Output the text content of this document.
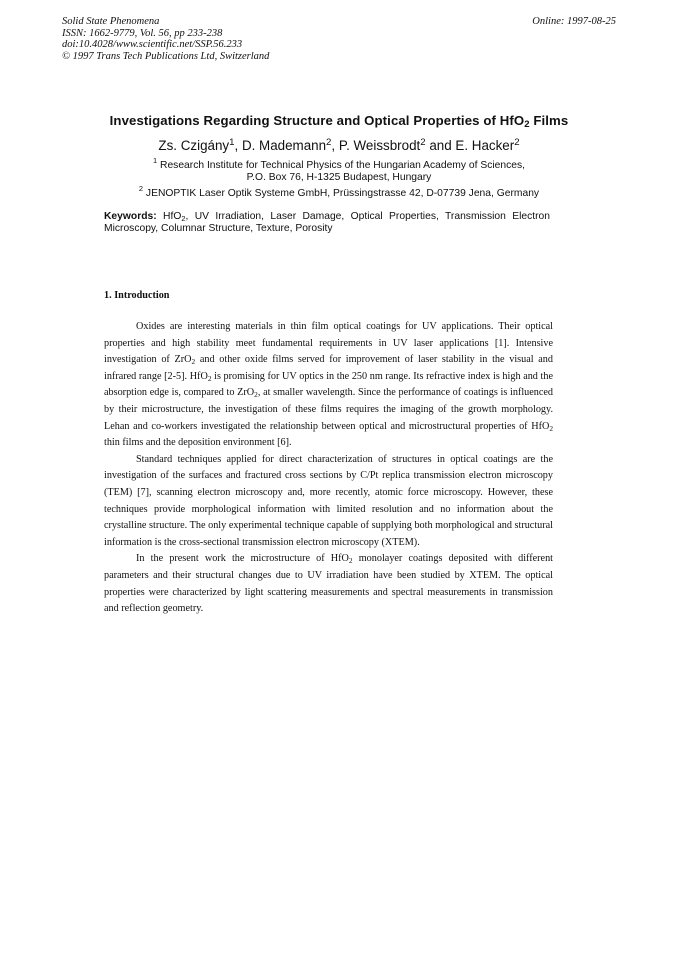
Solid State Phenomena
ISSN: 1662-9779, Vol. 56, pp 233-238
doi:10.4028/www.scientific.net/SSP.56.233
© 1997 Trans Tech Publications Ltd, Switzerland
Online: 1997-08-25
Investigations Regarding Structure and Optical Properties of HfO$_2$ Films
Zs. Czigány$^1$, D. Mademann$^2$, P. Weissbrodt$^2$ and E. Hacker$^2$
$^1$ Research Institute for Technical Physics of the Hungarian Academy of Sciences,
P.O. Box 76, H-1325 Budapest, Hungary
$^2$ JENOPTIK Laser Optik Systeme GmbH, Prüssingstrasse 42, D-07739 Jena, Germany
Keywords: HfO$_2$, UV Irradiation, Laser Damage, Optical Properties, Transmission Electron Microscopy, Columnar Structure, Texture, Porosity
1. Introduction

Oxides are interesting materials in thin film optical coatings for UV applications. Their optical properties and high stability meet fundamental requirements in UV laser applications [1]. Intensive investigation of ZrO$_2$ and other oxide films served for improvement of laser stability in the visual and infrared range [2-5]. HfO$_2$ is promising for UV optics in the 250 nm range. Its refractive index is high and the absorption edge is, compared to ZrO$_2$, at smaller wavelength. Since the performance of coatings is influenced by their microstructure, the investigation of these films requires the imaging of the growth morphology. Lehan and co-workers investigated the relationship between optical and microstructural properties of HfO$_2$ thin films and the deposition environment [6].

Standard techniques applied for direct characterization of structures in optical coatings are the investigation of the surfaces and fractured cross sections by C/Pt replica transmission electron microscopy (TEM) [7], scanning electron microscopy and, more recently, atomic force microscopy. However, these techniques provide morphological information with limited resolution and no information about the crystalline structure. The only experimental technique capable of supplying both morphological and structural information is the cross-sectional transmission electron microscopy (XTEM).

In the present work the microstructure of HfO$_2$ monolayer coatings deposited with different parameters and their structural changes due to UV irradiation have been studied by XTEM. The optical properties were characterized by light scattering measurements and spectral measurements in transmission and reflection geometry.
